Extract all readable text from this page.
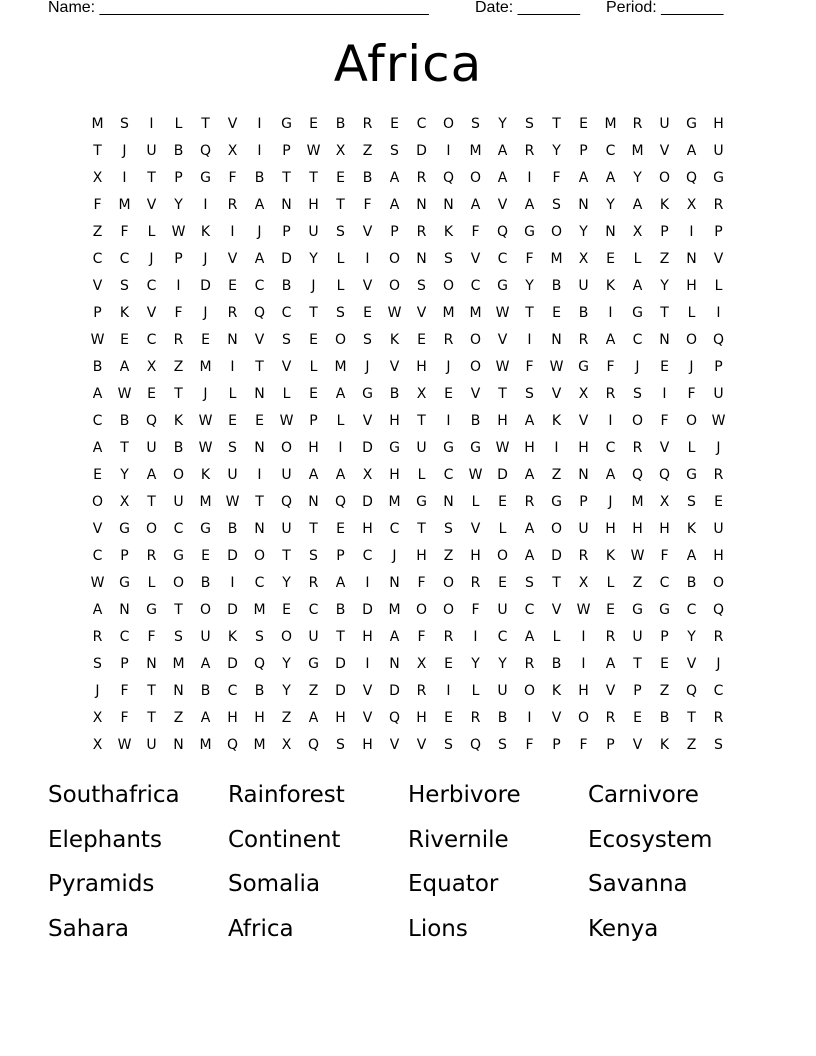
Name: _____________________________________	Date: _______ Period: _______
Africa
M	S	I	L	T	V	I	G	E	B	R	E	C	O	S	Y	S	T	E	M	R	U	G	H
T	J	U	B	Q	X	I	P	W	X	Z	S	D	I	M	A	R	Y	P	C	M	V	A	U
X	I	T	P	G	F	B	T	T	E	B	A	R	Q	O	A	I	F	A	A	Y	O	Q	G
F	M	V	Y	I	R	A	N	H	T	F	A	N	N	A	V	A	S	N	Y	A	K	X	R
Z	F	L	W	K	I	J	P	U	S	V	P	R	K	F	Q	G	O	Y	N	X	P	I	P
C	C	J	P	J	V	A	D	Y	L	I	O	N	S	V	C	F	M	X	E	L	Z	N	V
V	S	C	I	D	E	C	B	J	L	V	O	S	O	C	G	Y	B	U	K	A	Y	H	L
P	K	V	F	J	R	Q	C	T	S	E	W	V	M	M	W	T	E	B	I	G	T	L	I
W	E	C	R	E	N	V	S	E	O	S	K	E	R	O	V	I	N	R	A	C	N	O	Q
B	A	X	Z	M	I	T	V	L	M	J	V	H	J	O	W	F	W	G	F	J	E	J	P
A	W	E	T	J	L	N	L	E	A	G	B	X	E	V	T	S	V	X	R	S	I	F	U
C	B	Q	K	W	E	E	W	P	L	V	H	T	I	B	H	A	K	V	I	O	F	O	W
A	T	U	B	W	S	N	O	H	I	D	G	U	G	G	W	H	I	H	C	R	V	L	J
E	Y	A	O	K	U	I	U	A	A	X	H	L	C	W	D	A	Z	N	A	Q	Q	G	R
O	X	T	U	M	W	T	Q	N	Q	D	M	G	N	L	E	R	G	P	J	M	X	S	E
V	G	O	C	G	B	N	U	T	E	H	C	T	S	V	L	A	O	U	H	H	H	K	U
C	P	R	G	E	D	O	T	S	P	C	J	H	Z	H	O	A	D	R	K	W	F	A	H
W	G	L	O	B	I	C	Y	R	A	I	N	F	O	R	E	S	T	X	L	Z	C	B	O
A	N	G	T	O	D	M	E	C	B	D	M	O	O	F	U	C	V	W	E	G	G	C	Q
R	C	F	S	U	K	S	O	U	T	H	A	F	R	I	C	A	L	I	R	U	P	Y	R
S	P	N	M	A	D	Q	Y	G	D	I	N	X	E	Y	Y	R	B	I	A	T	E	V	J
J	F	T	N	B	C	B	Y	Z	D	V	D	R	I	L	U	O	K	H	V	P	Z	Q	C
X	F	T	Z	A	H	H	Z	A	H	V	Q	H	E	R	B	I	V	O	R	E	B	T	R
X	W	U	N	M	Q	M	X	Q	S	H	V	V	S	Q	S	F	P	F	P	V	K	Z	S
Southafrica	Rainforest	Herbivore	Carnivore
Elephants	Continent	Rivernile	Ecosystem
Pyramids	Somalia	Equator	Savanna
Sahara	Africa	Lions	Kenya
